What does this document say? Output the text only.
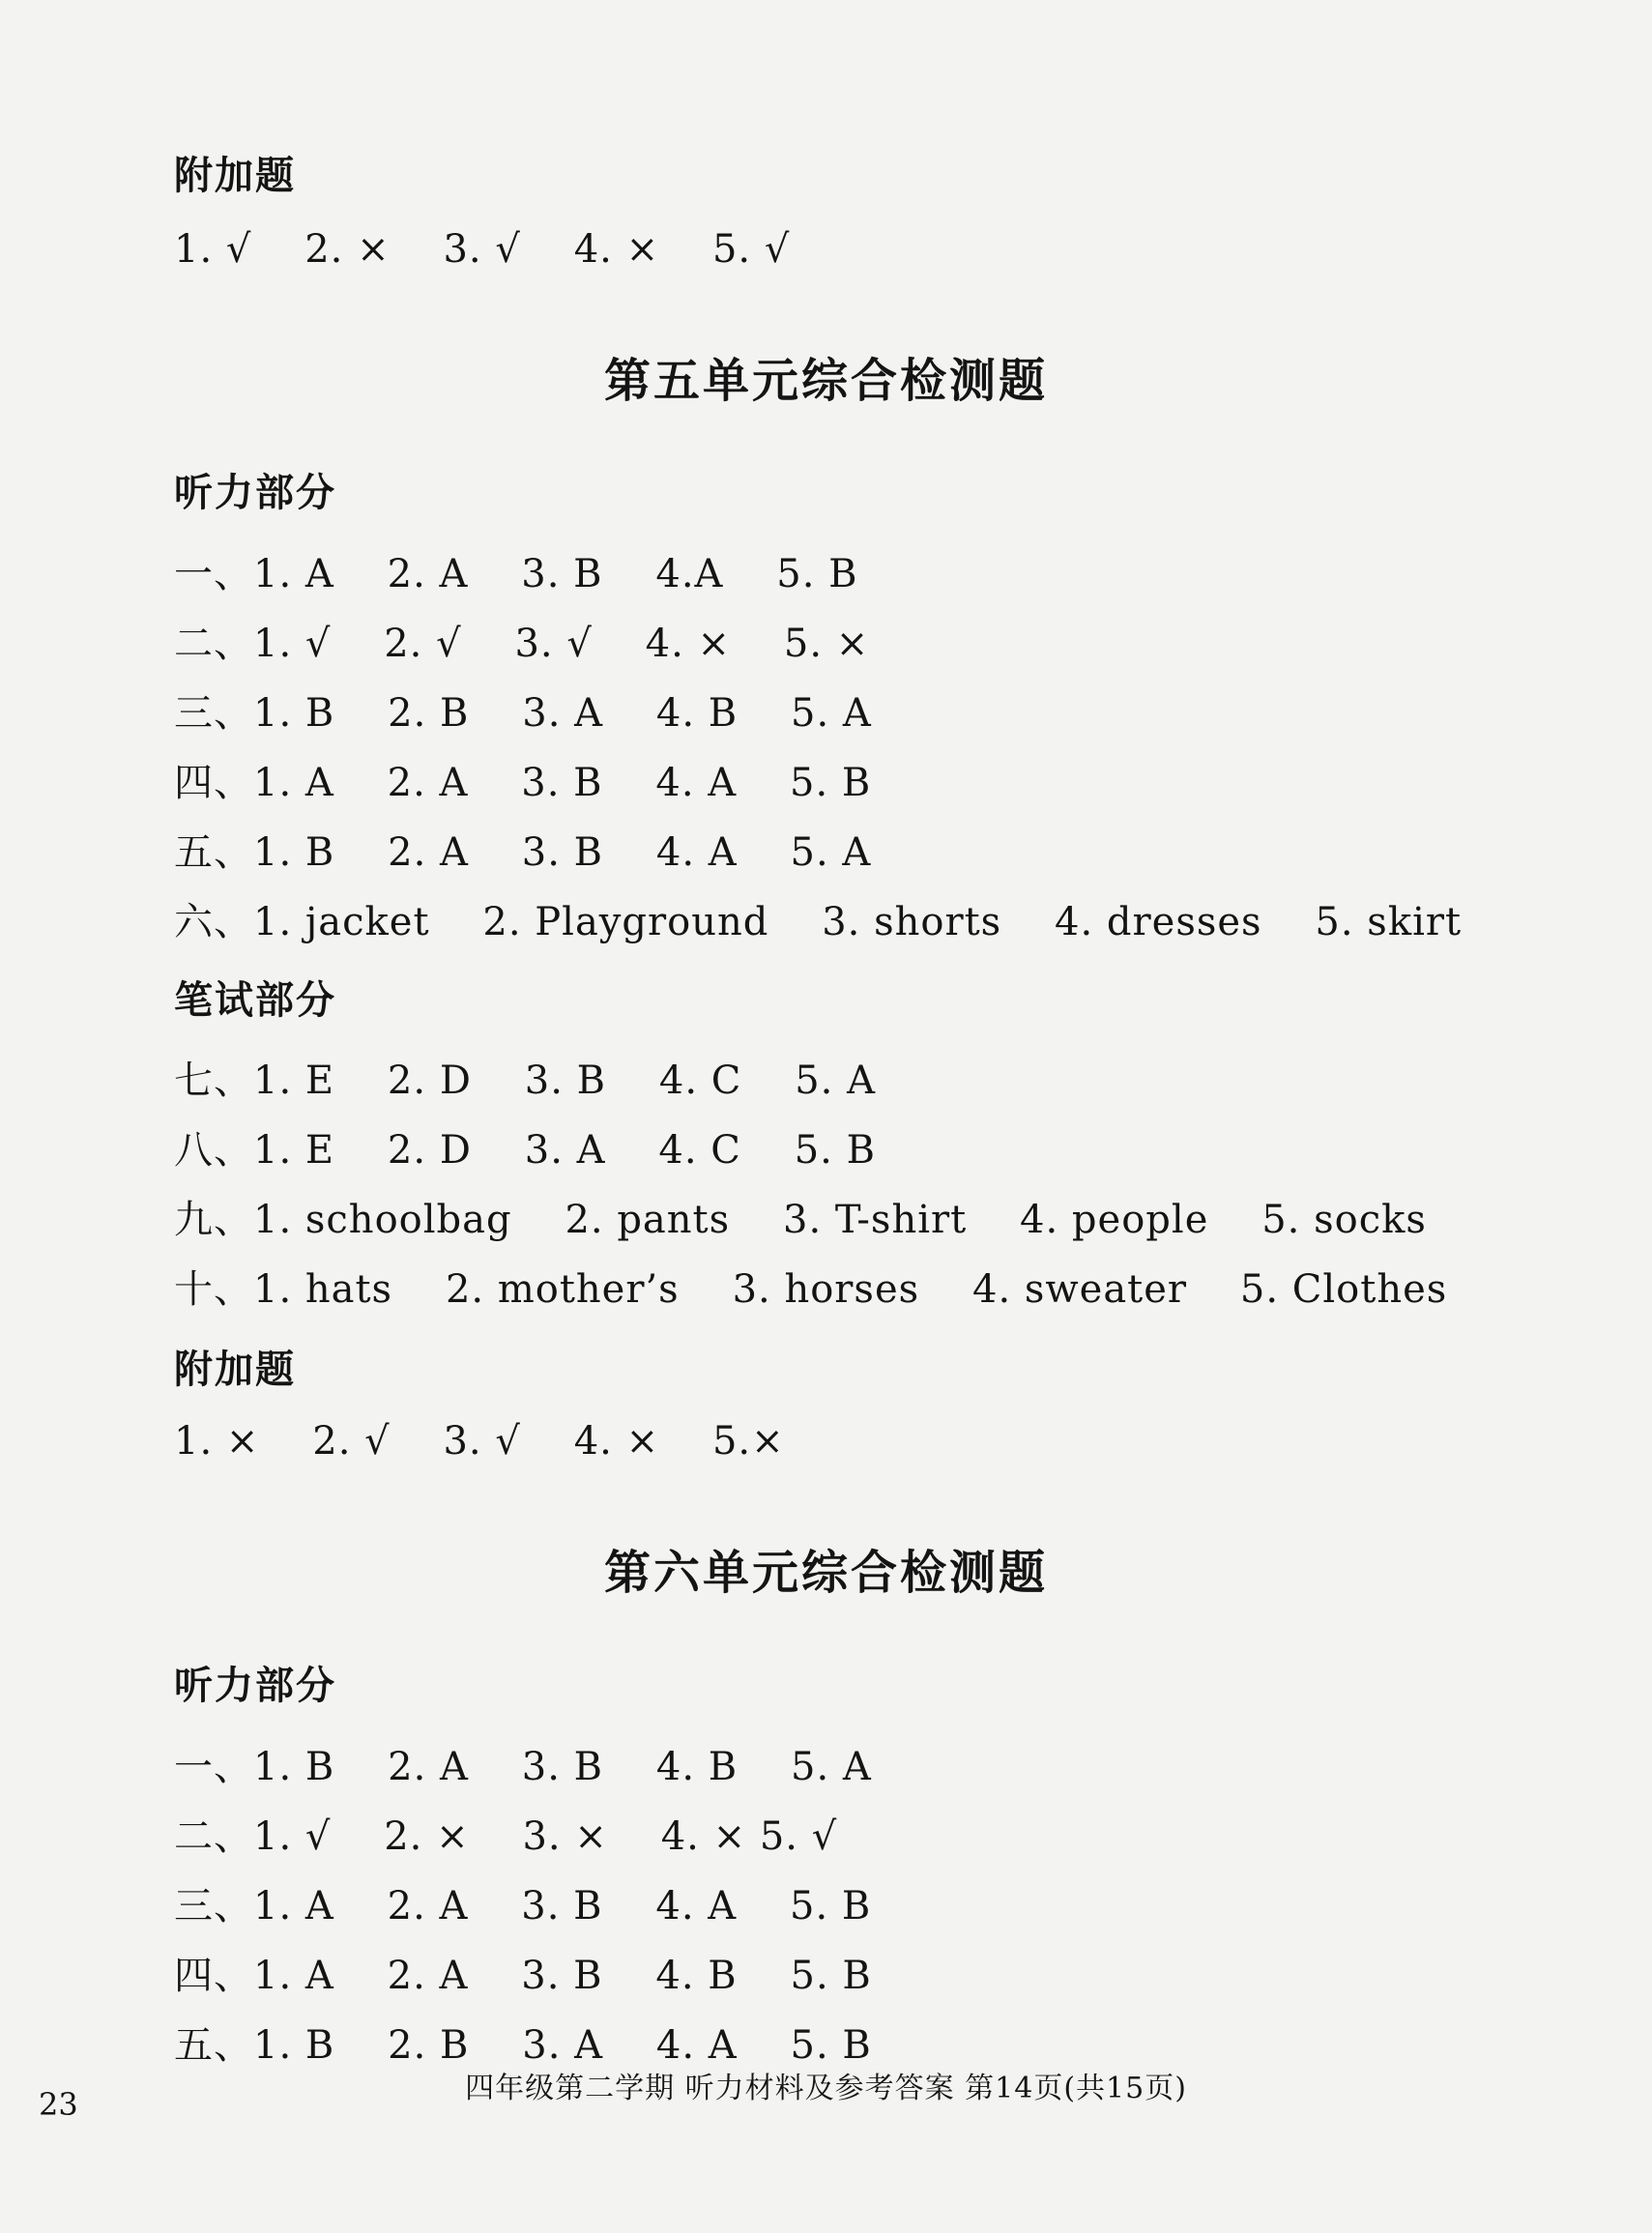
附加题
1. √    2. ×    3. √    4. ×    5. √
第五单元综合检测题
听力部分
一、1. A    2. A    3. B    4.A    5. B
二、1. √    2. √    3. √    4. ×    5. ×
三、1. B    2. B    3. A    4. B    5. A
四、1. A    2. A    3. B    4. A    5. B
五、1. B    2. A    3. B    4. A    5. A
六、1. jacket    2. Playground    3. shorts    4. dresses    5. skirt
笔试部分
七、1. E    2. D    3. B    4. C    5. A
八、1. E    2. D    3. A    4. C    5. B
九、1. schoolbag    2. pants    3. T-shirt    4. people    5. socks
十、1. hats    2. mother’s    3. horses    4. sweater    5. Clothes
附加题
1. ×    2. √    3. √    4. ×    5.×
第六单元综合检测题
听力部分
一、1. B    2. A    3. B    4. B    5. A
二、1. √    2. ×    3. ×    4. × 5. √
三、1. A    2. A    3. B    4. A    5. B
四、1. A    2. A    3. B    4. B    5. B
五、1. B    2. B    3. A    4. A    5. B
四年级第二学期 听力材料及参考答案 第14页(共15页)
23
